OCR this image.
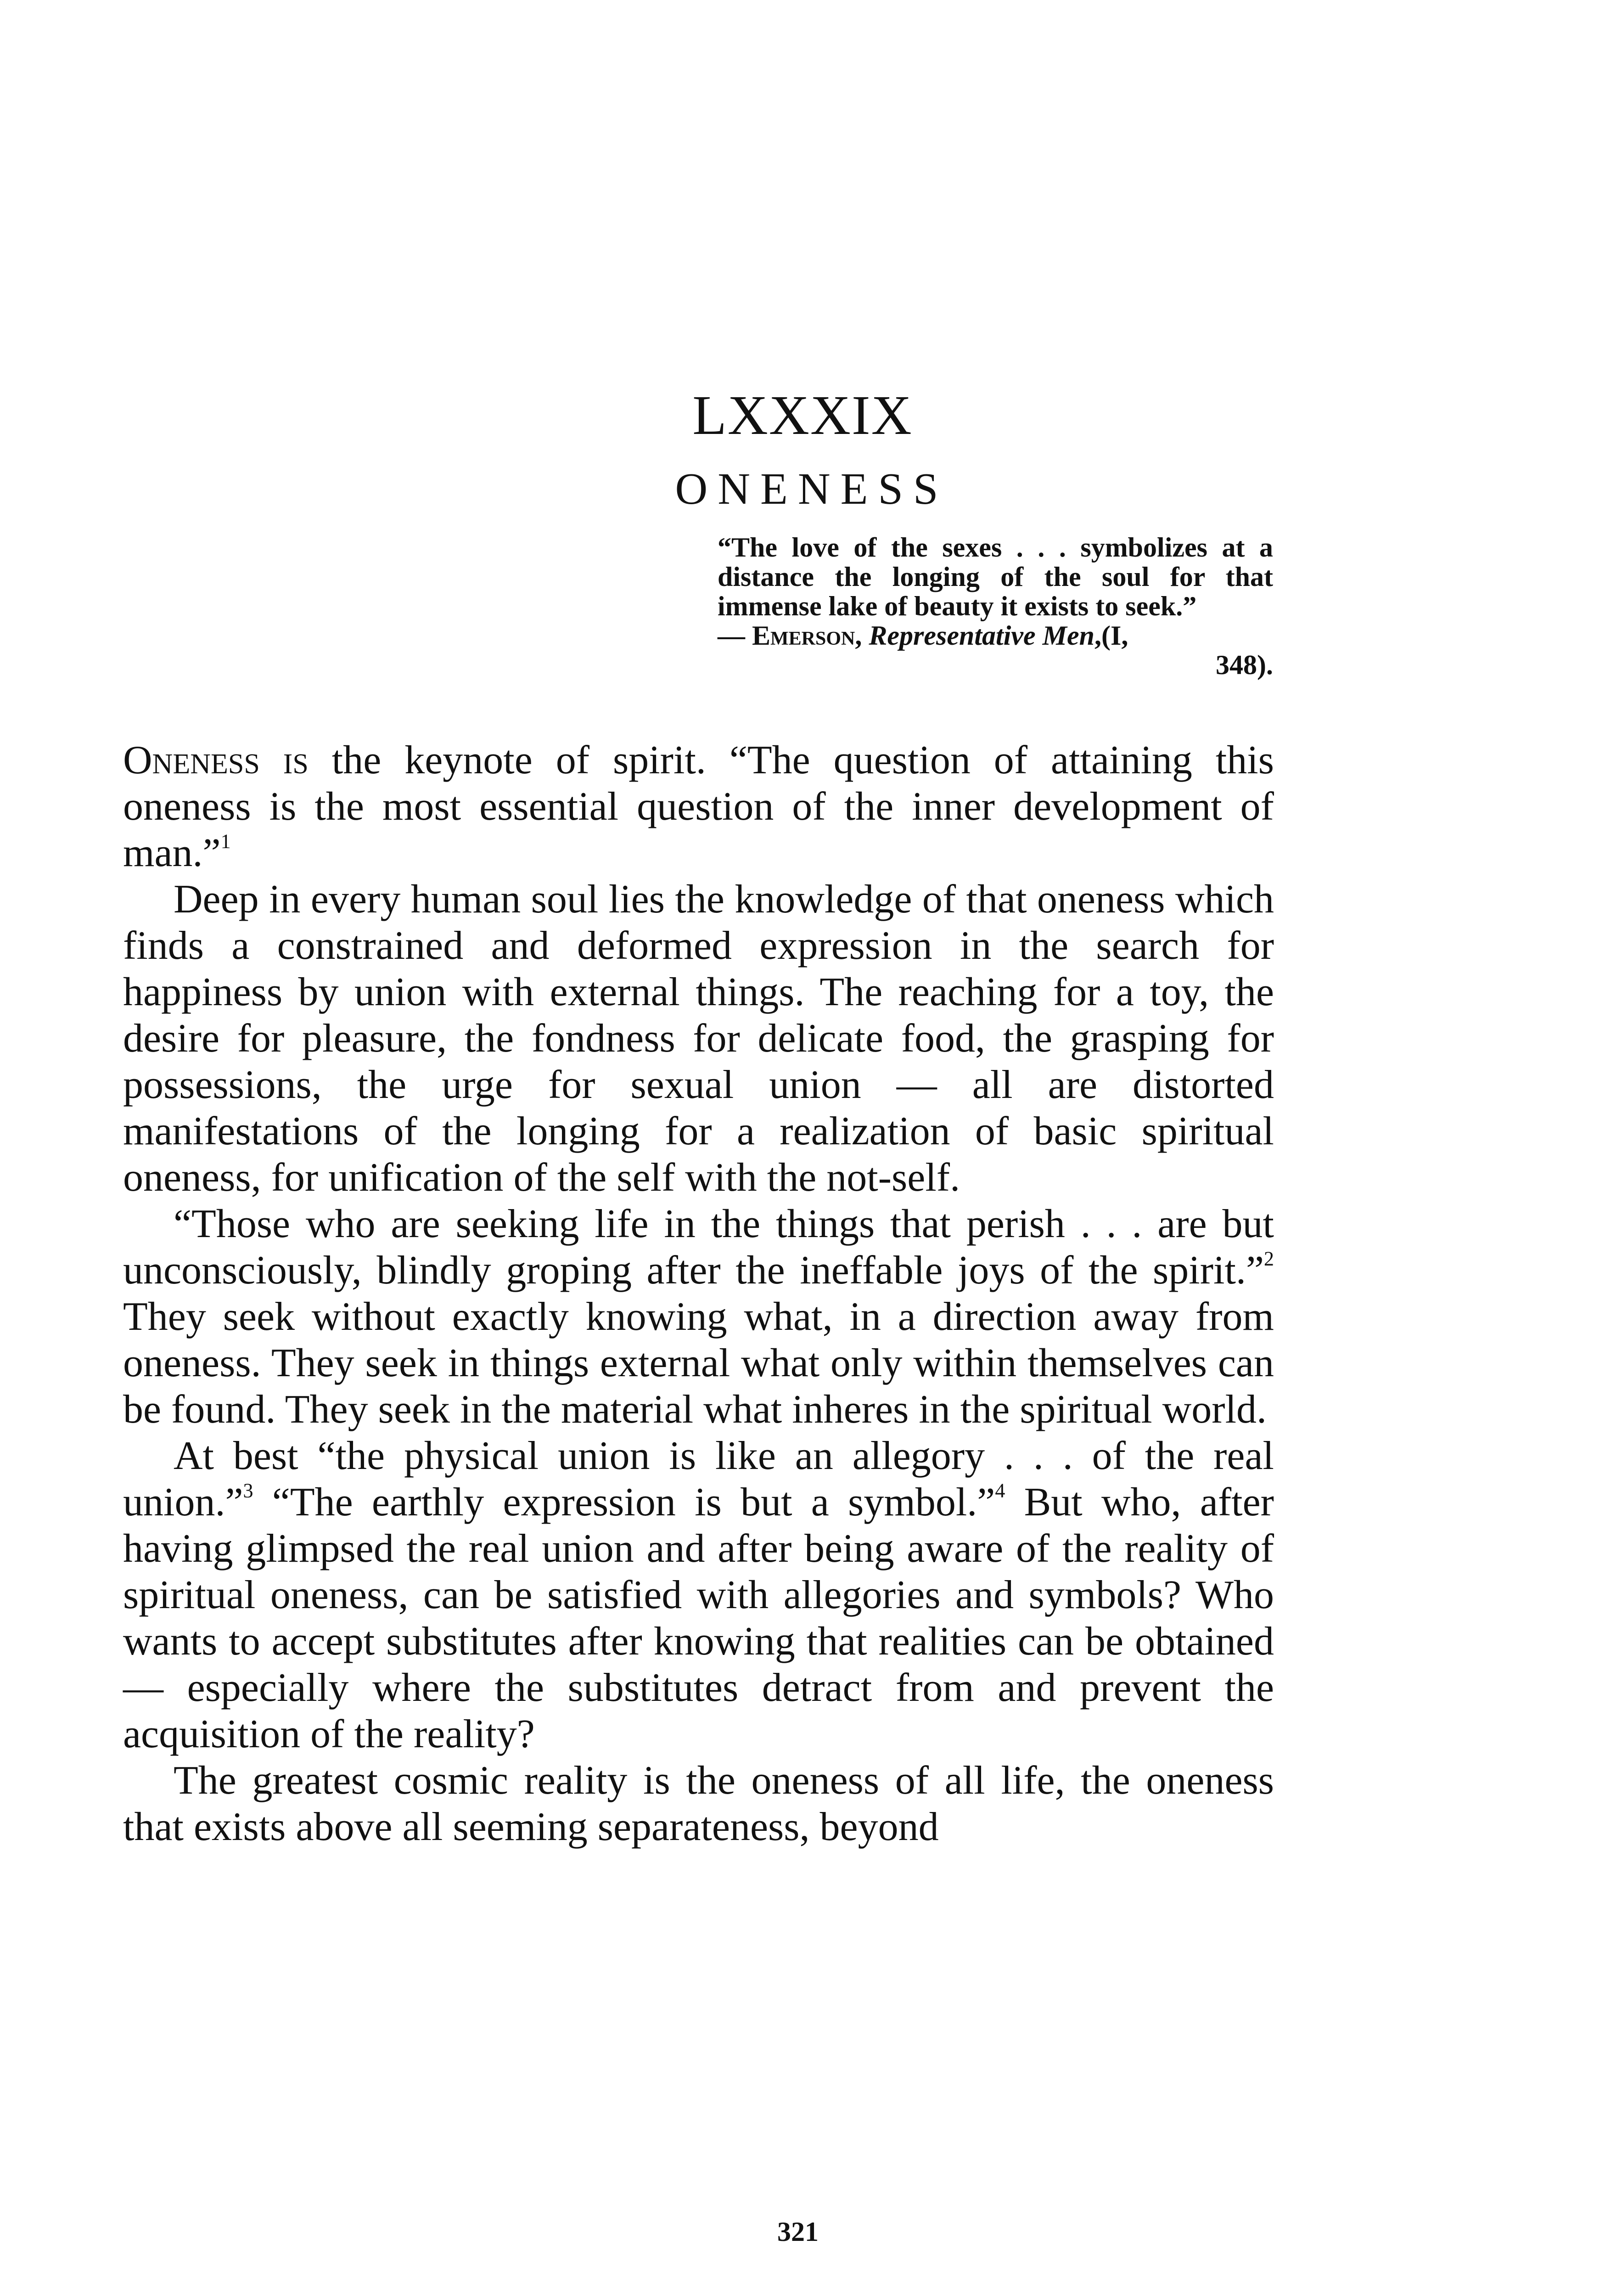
LXXXIX
ONENESS

“The love of the sexes . . . symbolizes at a distance the longing of the soul for that immense lake of beauty it exists to seek.”

— Emerson, Representative Men,(I,

348).

Oneness is the keynote of spirit. “The question of attaining this oneness is the most essential question of the inner development of man.”$^1$

Deep in every human soul lies the knowledge of that oneness which finds a constrained and deformed expression in the search for happiness by union with external things. The reaching for a toy, the desire for pleasure, the fondness for delicate food, the grasping for possessions, the urge for sexual union — all are distorted manifestations of the longing for a realization of basic spiritual oneness, for unification of the self with the not-self.

“Those who are seeking life in the things that perish . . . are but unconsciously, blindly groping after the ineffable joys of the spirit.”$^2$ They seek without exactly knowing what, in a direction away from oneness. They seek in things external what only within themselves can be found. They seek in the material what inheres in the spiritual world.

At best “the physical union is like an allegory . . . of the real union.”$^3$ “The earthly expression is but a symbol.”$^4$ But who, after having glimpsed the real union and after being aware of the reality of spiritual oneness, can be satisfied with allegories and symbols? Who wants to accept substitutes after knowing that realities can be obtained — especially where the substitutes detract from and prevent the acquisition of the reality?

The greatest cosmic reality is the oneness of all life, the oneness that exists above all seeming separateness, beyond

321
